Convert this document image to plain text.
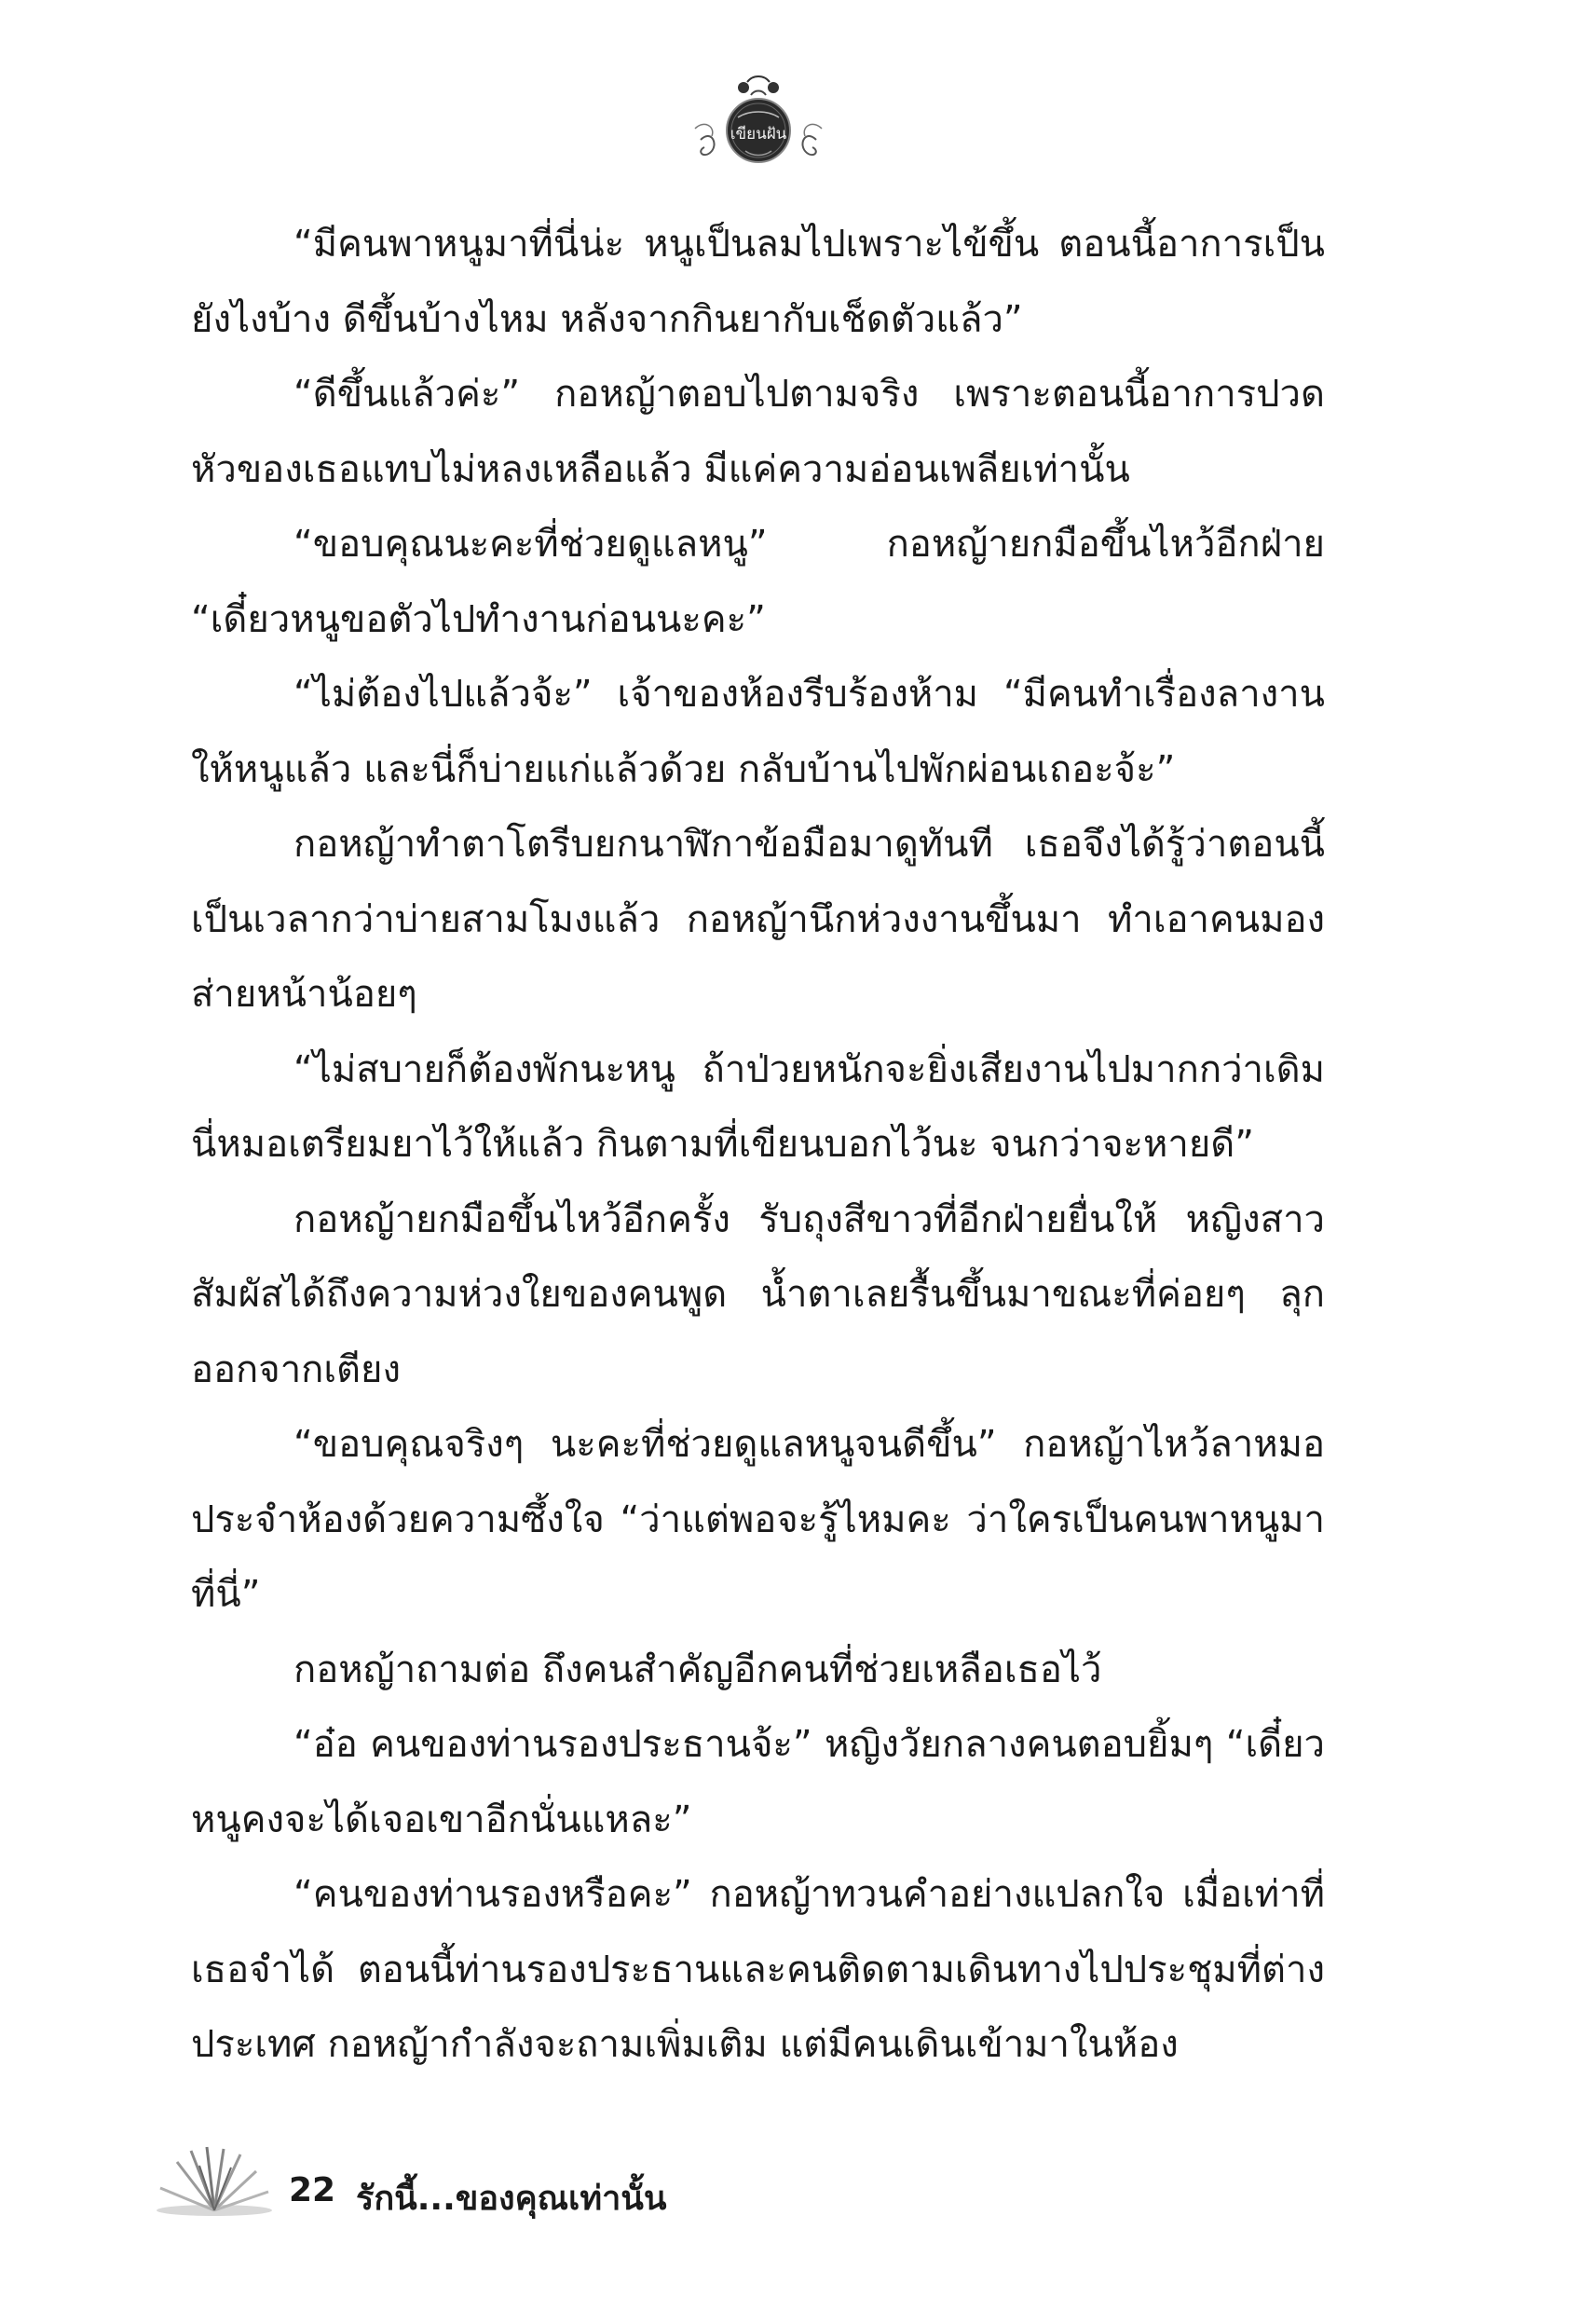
เขียนฝัน

“มีคนพาหนูมาที่นี่น่ะ หนูเป็นลมไปเพราะไข้ขึ้น ตอนนี้อาการเป็นยังไงบ้าง ดีขึ้นบ้างไหม หลังจากกินยากับเช็ดตัวแล้ว”

“ดีขึ้นแล้วค่ะ” กอหญ้าตอบไปตามจริง เพราะตอนนี้อาการปวดหัวของเธอแทบไม่หลงเหลือแล้ว มีแค่ความอ่อนเพลียเท่านั้น

“ขอบคุณนะคะที่ช่วยดูแลหนู” กอหญ้ายกมือขึ้นไหว้อีกฝ่าย “เดี๋ยวหนูขอตัวไปทำงานก่อนนะคะ”

“ไม่ต้องไปแล้วจ้ะ” เจ้าของห้องรีบร้องห้าม “มีคนทำเรื่องลางานให้หนูแล้ว และนี่ก็บ่ายแก่แล้วด้วย กลับบ้านไปพักผ่อนเถอะจ้ะ”

กอหญ้าทำตาโตรีบยกนาฬิกาข้อมือมาดูทันที เธอจึงได้รู้ว่าตอนนี้เป็นเวลากว่าบ่ายสามโมงแล้ว กอหญ้านึกห่วงงานขึ้นมา ทำเอาคนมองส่ายหน้าน้อยๆ

“ไม่สบายก็ต้องพักนะหนู ถ้าป่วยหนักจะยิ่งเสียงานไปมากกว่าเดิม นี่หมอเตรียมยาไว้ให้แล้ว กินตามที่เขียนบอกไว้นะ จนกว่าจะหายดี”

กอหญ้ายกมือขึ้นไหว้อีกครั้ง รับถุงสีขาวที่อีกฝ่ายยื่นให้ หญิงสาวสัมผัสได้ถึงความห่วงใยของคนพูด น้ำตาเลยรื้นขึ้นมาขณะที่ค่อยๆ ลุกออกจากเตียง

“ขอบคุณจริงๆ นะคะที่ช่วยดูแลหนูจนดีขึ้น” กอหญ้าไหว้ลาหมอประจำห้องด้วยความซึ้งใจ “ว่าแต่พอจะรู้ไหมคะ ว่าใครเป็นคนพาหนูมาที่นี่”

กอหญ้าถามต่อ ถึงคนสำคัญอีกคนที่ช่วยเหลือเธอไว้

“อ๋อ คนของท่านรองประธานจ้ะ” หญิงวัยกลางคนตอบยิ้มๆ “เดี๋ยวหนูคงจะได้เจอเขาอีกนั่นแหละ”

“คนของท่านรองหรือคะ” กอหญ้าทวนคำอย่างแปลกใจ เมื่อเท่าที่เธอจำได้ ตอนนี้ท่านรองประธานและคนติดตามเดินทางไปประชุมที่ต่างประเทศ กอหญ้ากำลังจะถามเพิ่มเติม แต่มีคนเดินเข้ามาในห้อง

22 รักนี้...ของคุณเท่านั้น
